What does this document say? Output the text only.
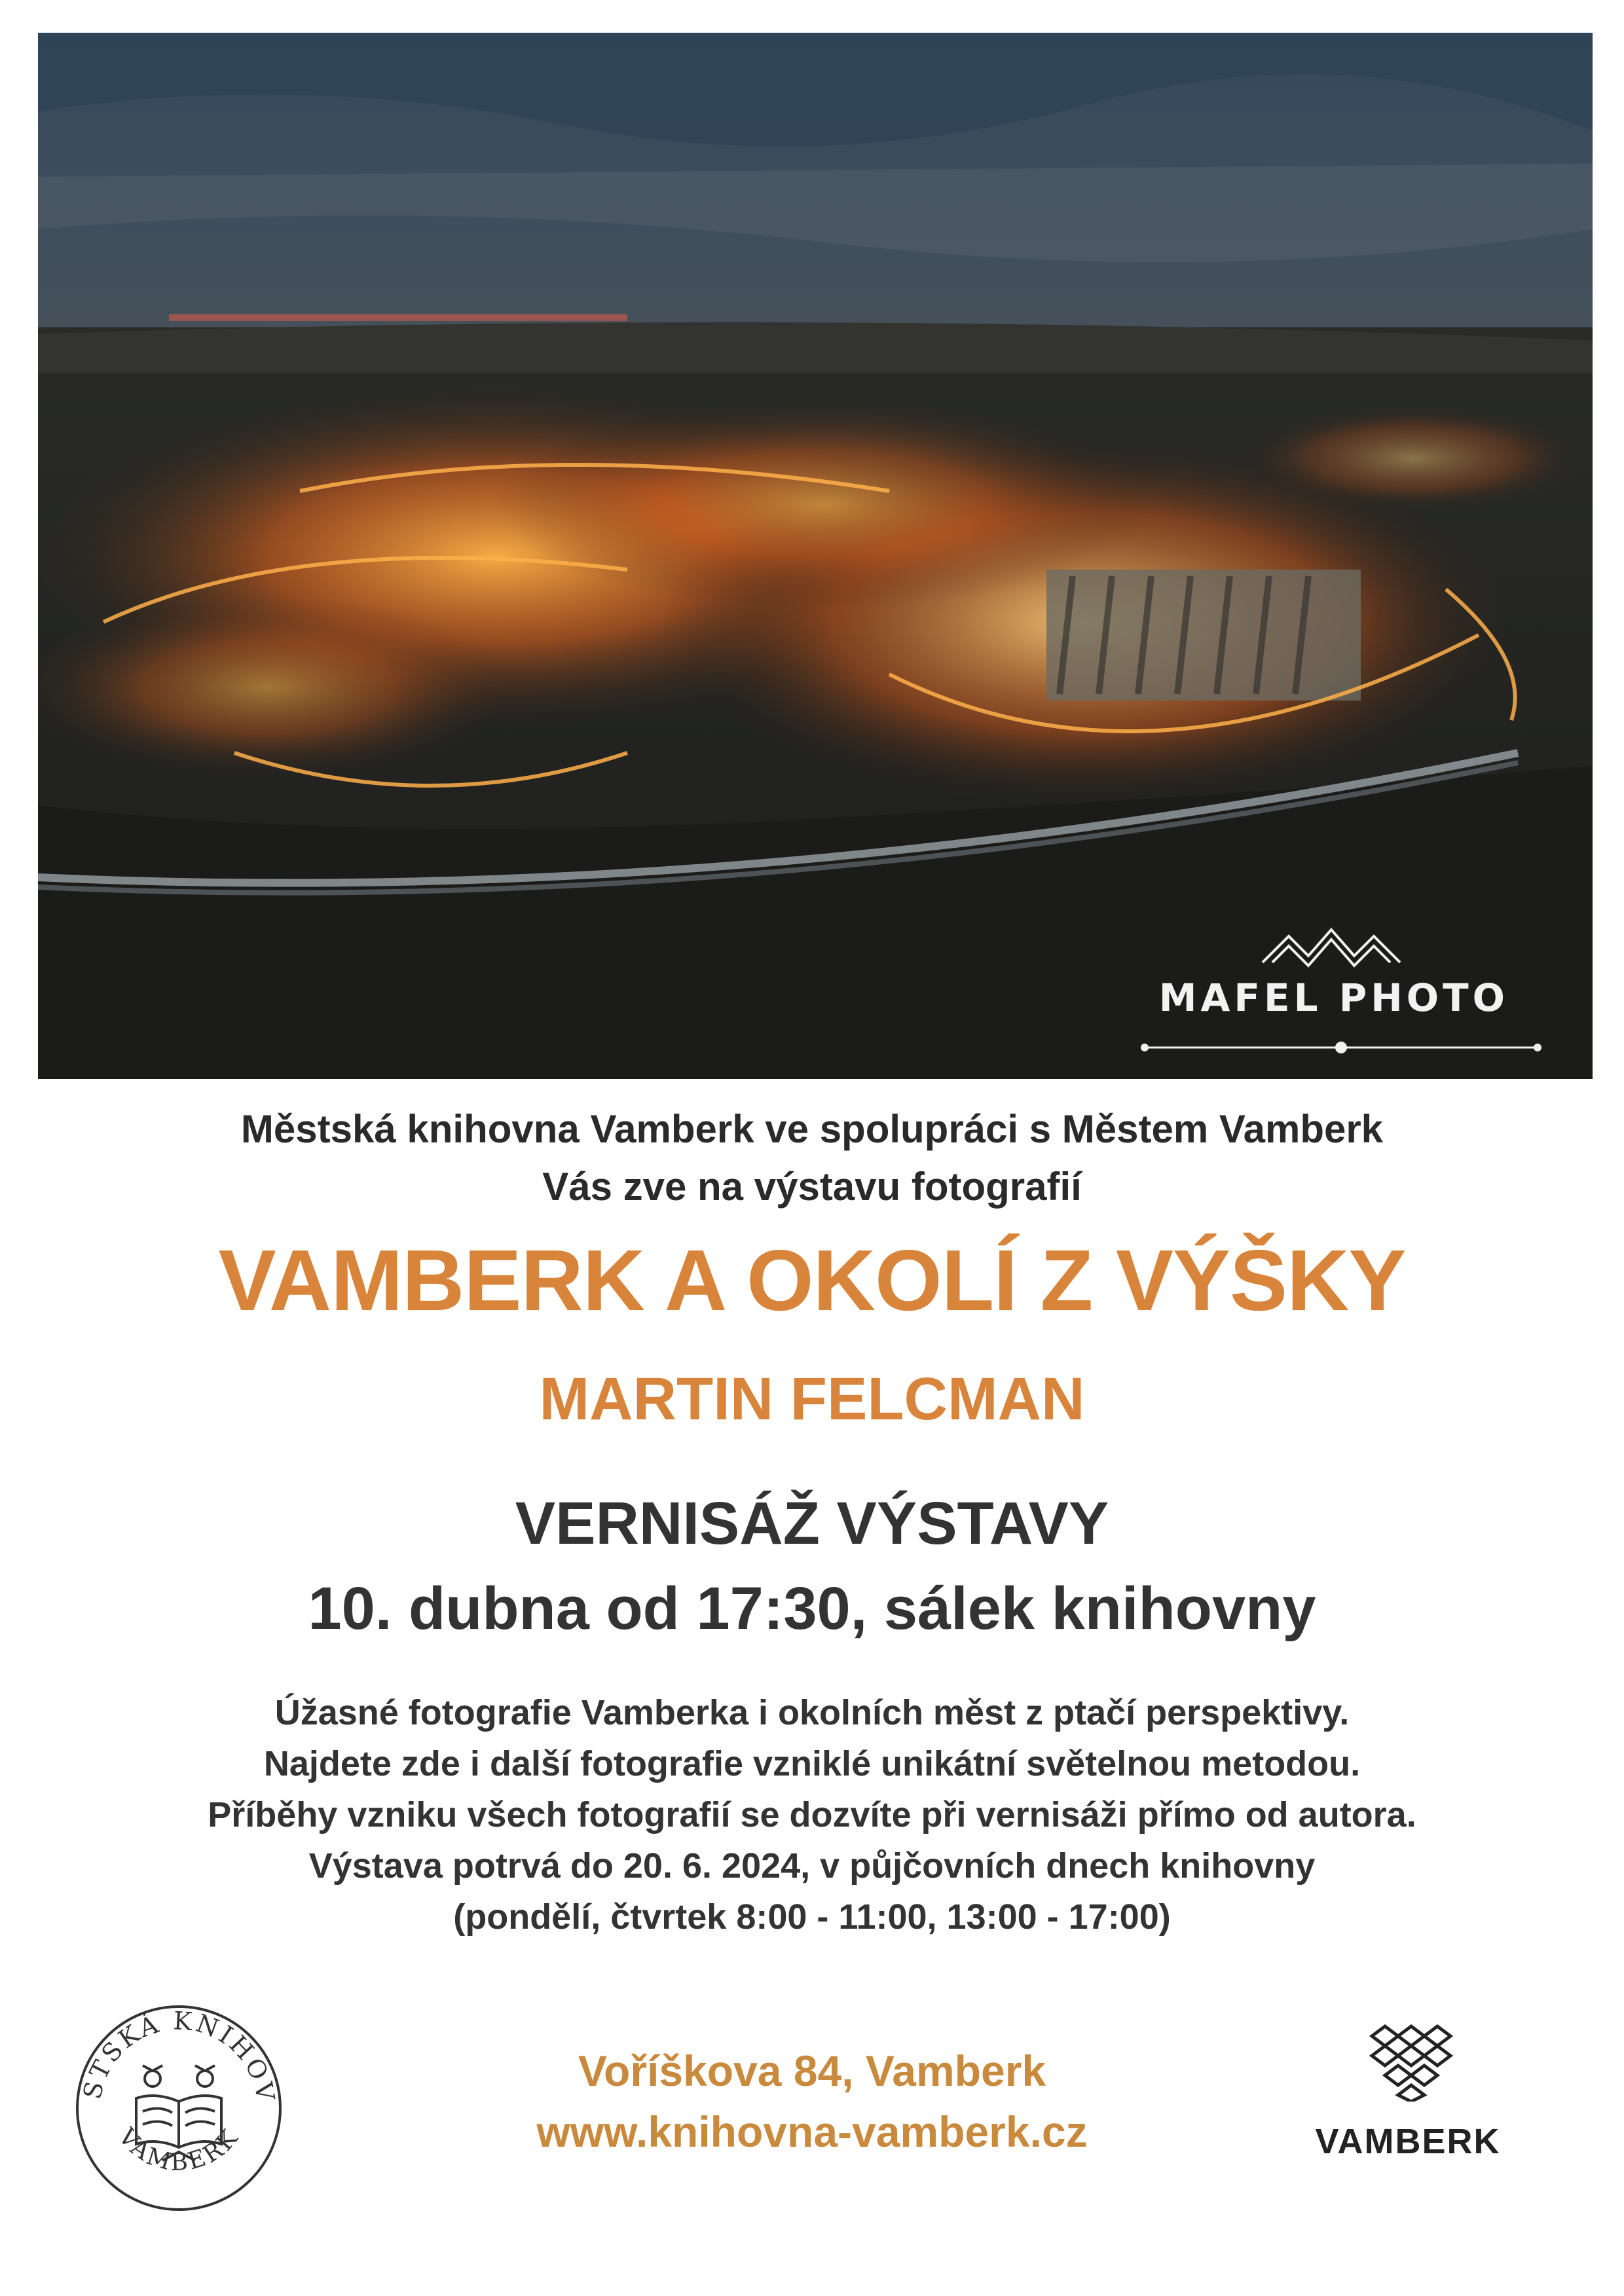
MAFEL PHOTO
Městská knihovna Vamberk ve spolupráci s Městem Vamberk
Vás zve na výstavu fotografií
VAMBERK A OKOLÍ Z VÝŠKY
MARTIN FELCMAN
VERNISÁŽ VÝSTAVY
10. dubna od 17:30, sálek knihovny
Úžasné fotografie Vamberka i okolních měst z ptačí perspektivy.
Najdete zde i další fotografie vzniklé unikátní světelnou metodou.
Příběhy vzniku všech fotografií se dozvíte při vernisáži přímo od autora.
Výstava potrvá do 20. 6. 2024, v půjčovních dnech knihovny
(pondělí, čtvrtek 8:00 - 11:00, 13:00 - 17:00)
STSKÁ KNIHOV
VAMBERK
Voříškova 84, Vamberk
www.knihovna-vamberk.cz	VAMBERK
